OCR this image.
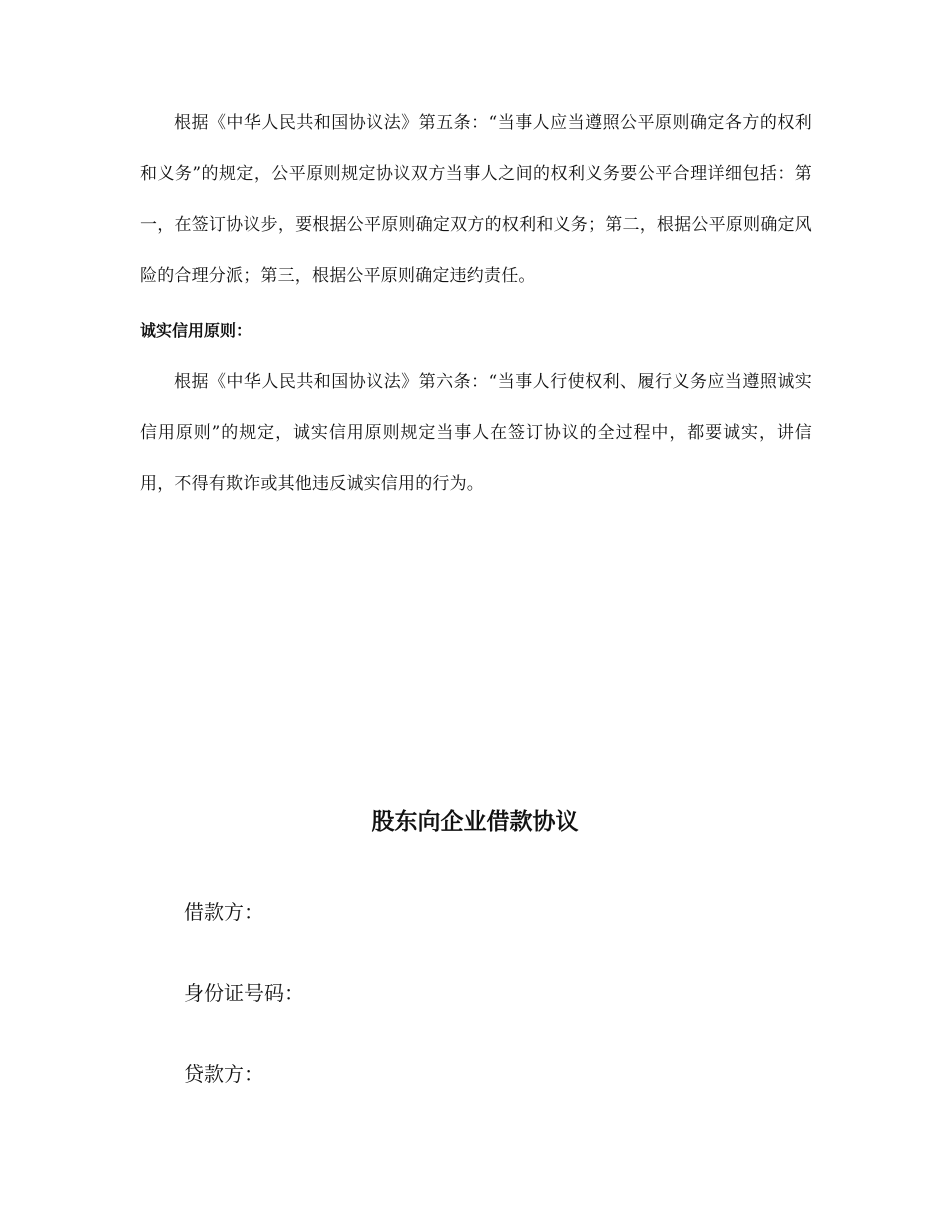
根据《中华人民共和国协议法》第五条：“当事人应当遵照公平原则确定各方的权利和义务”的规定，公平原则规定协议双方当事人之间的权利义务要公平合理详细包括：第一，在签订协议步，要根据公平原则确定双方的权利和义务；第二，根据公平原则确定风险的合理分派；第三，根据公平原则确定违约责任。

诚实信用原则：

根据《中华人民共和国协议法》第六条：“当事人行使权利、履行义务应当遵照诚实信用原则”的规定，诚实信用原则规定当事人在签订协议的全过程中，都要诚实，讲信用，不得有欺诈或其他违反诚实信用的行为。

股东向企业借款协议

借款方：

身份证号码：

贷款方：
